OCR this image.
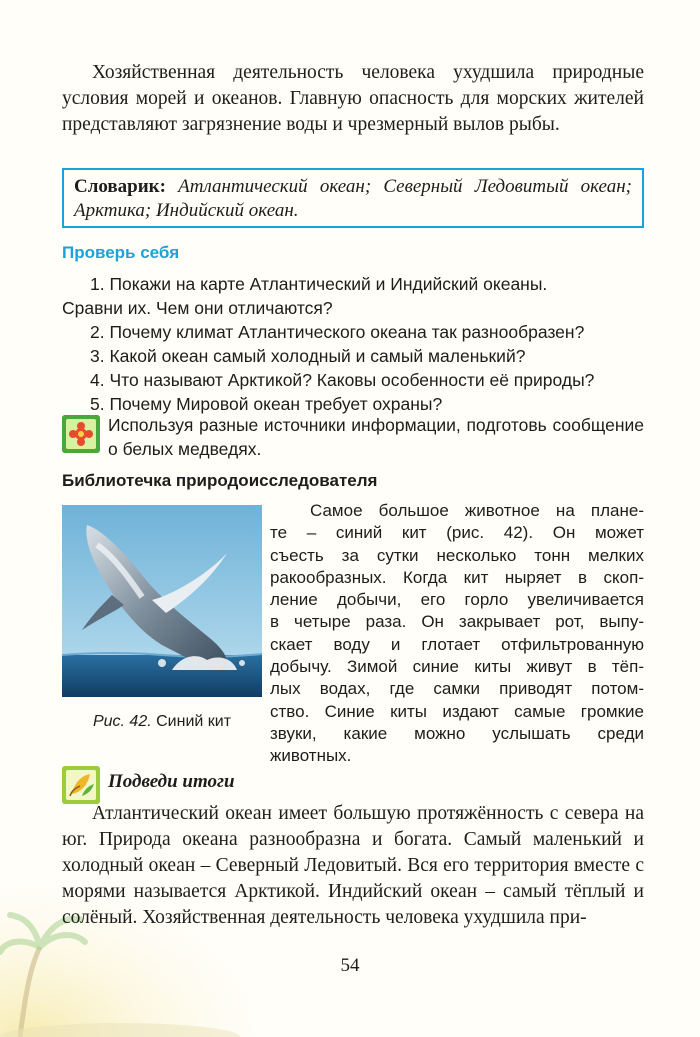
Хозяйственная деятельность человека ухудшила природные условия морей и океанов. Главную опасность для морских жителей представляют загрязнение воды и чрезмерный вылов рыбы.
Словарик: Атлантический океан; Северный Ледовитый океан; Арктика; Индийский океан.
Проверь себя
1. Покажи на карте Атлантический и Индийский океаны.
Сравни их. Чем они отличаются?
2. Почему климат Атлантического океана так разнообразен?
3. Какой океан самый холодный и самый маленький?
4. Что называют Арктикой? Каковы особенности её природы?
5. Почему Мировой океан требует охраны?
Используя разные источники информации, подготовь сообщение о белых медведях.
Библиотечка природоисследователя
Рис. 42. Синий кит
Самое большое животное на плане-
те – синий кит (рис. 42). Он может
съесть за сутки несколько тонн мелких
ракообразных. Когда кит ныряет в скоп-
ление добычи, его горло увеличивается
в четыре раза. Он закрывает рот, выпу-
скает воду и глотает отфильтрованную
добычу. Зимой синие киты живут в тёп-
лых водах, где самки приводят потом-
ство. Синие киты издают самые громкие
звуки, какие можно услышать среди
животных.
Подведи итоги
Атлантический океан имеет большую протяжённость с севера на юг. Природа океана разнообразна и богата. Самый маленький и холодный океан – Северный Ледовитый. Вся его территория вместе с морями называется Арктикой. Индийский океан – самый тёплый и солёный. Хозяйственная деятельность человека ухудшила при-
54
